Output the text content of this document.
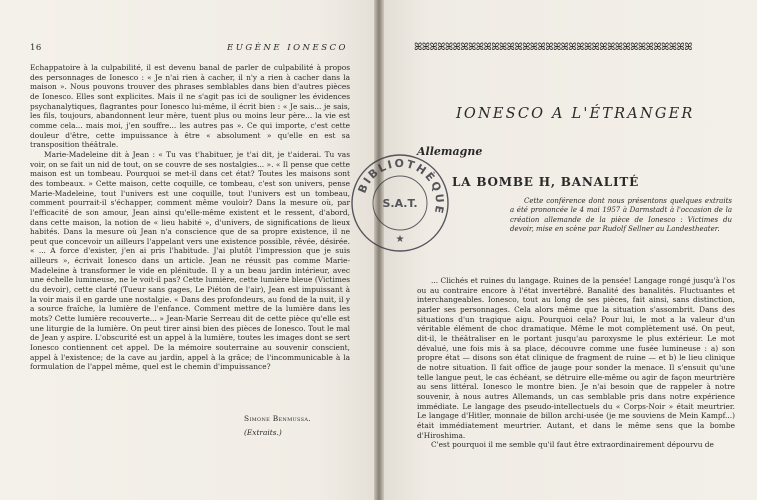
16	EUGÈNE IONESCO

Echappatoire à la culpabilité, il est devenu banal de parler de culpabilité à propos des personnages de Ionesco : « Je n'ai rien à cacher, il n'y a rien à cacher dans la maison ». Nous pouvons trouver des phrases semblables dans bien d'autres pièces de Ionesco. Elles sont explicites. Mais il ne s'agit pas ici de souligner les évidences psychanalytiques, flagrantes pour Ionesco lui-même, il écrit bien : « Je sais... je sais, les fils, toujours, abandonnent leur mère, tuent plus ou moins leur père... la vie est comme cela... mais moi, j'en souffre... les autres pas ». Ce qui importe, c'est cette douleur d'être, cette impuissance à être « absolument » qu'elle en est sa transposition théâtrale.

Marie-Madeleine dit à Jean : « Tu vas t'habituer, je t'ai dit, je t'aiderai. Tu vas voir, on se fait un nid de tout, on se couvre de ses nostalgies... ». « Il pense que cette maison est un tombeau. Pourquoi se met-il dans cet état? Toutes les maisons sont des tombeaux. » Cette maison, cette coquille, ce tombeau, c'est son univers, pense Marie-Madeleine, tout l'univers est une coquille, tout l'univers est un tombeau, comment pourrait-il s'échapper, comment même vouloir? Dans la mesure où, par l'efficacité de son amour, Jean ainsi qu'elle-même existent et le ressent, d'abord, dans cette maison, la notion de « lieu habité », d'univers, de significations de lieux habités. Dans la mesure où Jean n'a conscience que de sa propre existence, il ne peut que concevoir un ailleurs l'appelant vers une existence possible, rêvée, désirée. « ... A force d'exister, j'en ai pris l'habitude. J'ai plutôt l'impression que je suis ailleurs », écrivait Ionesco dans un article. Jean ne réussit pas comme Marie-Madeleine à transformer le vide en plénitude. Il y a un beau jardin intérieur, avec une échelle lumineuse, ne le voit-il pas? Cette lumière, cette lumière bleue (Victimes du devoir), cette clarté (Tueur sans gages, Le Piéton de l'air), Jean est impuissant à la voir mais il en garde une nostalgie. « Dans des profondeurs, au fond de la nuit, il y a source fraîche, la lumière de l'enfance. Comment mettre de la lumière dans les mots? Cette lumière recouverte... » Jean-Marie Serreau dit de cette pièce qu'elle est une liturgie de la lumière. On peut tirer ainsi bien des pièces de Ionesco. Tout le mal de Jean y aspire. L'obscurité est un appel à la lumière, toutes les images dont se sert Ionesco contiennent cet appel. De la mémoire souterraine au souvenir conscient, appel à l'existence; de la cave au jardin, appel à la grâce; de l'incommunicable à la formulation de l'appel même, quel est le chemin d'impuissance?

Simone Benmussa.
(Extraits.)
ꕤꕤꕤꕤꕤꕤꕤꕤꕤꕤꕤꕤꕤꕤꕤꕤꕤꕤꕤꕤꕤꕤꕤꕤꕤꕤꕤꕤꕤꕤꕤꕤꕤꕤꕤꕤ
IONESCO A L'ÉTRANGER
Allemagne
LA BOMBE H, BANALITÉ

Cette conférence dont nous présentons quelques extraits a été prononcée le 4 mai 1957 à Darmstadt à l'occasion de la création allemande de la pièce de Ionesco : Victimes du devoir, mise en scène par Rudolf Sellner au Landestheater.

... Clichés et ruines du langage. Ruines de la pensée! Langage rongé jusqu'à l'os ou au contraire encore à l'état invertébré. Banalité des banalités. Fluctuantes et interchangeables. Ionesco, tout au long de ses pièces, fait ainsi, sans distinction, parler ses personnages. Cela alors même que la situation s'assombrit. Dans des situations d'un tragique aigu. Pourquoi cela? Pour lui, le mot a la valeur d'un véritable élément de choc dramatique. Même le mot complètement usé. On peut, dit-il, le théâtraliser en le portant jusqu'au paroxysme le plus extérieur. Le mot dévalué, une fois mis à sa place, découvre comme une fusée lumineuse : a) son propre état — disons son état clinique de fragment de ruine — et b) le lieu clinique de notre situation. Il fait office de jauge pour sonder la menace. Il s'ensuit qu'une telle langue peut, le cas échéant, se détruire elle-même ou agir de façon meurtrière au sens littéral. Ionesco le montre bien. Je n'ai besoin que de rappeler à notre souvenir, à nous autres Allemands, un cas semblable pris dans notre expérience immédiate. Le langage des pseudo-intellectuels du « Corps-Noir » était meurtrier. Le langage d'Hitler, monnaie de billon archi-usée (je me souviens de Mein Kampf...) était immédiatement meurtrier. Autant, et dans le même sens que la bombe d'Hiroshima.

C'est pourquoi il me semble qu'il faut être extraordinairement dépourvu de

BIBLIOTHÈQUE
S.A.T.
★
